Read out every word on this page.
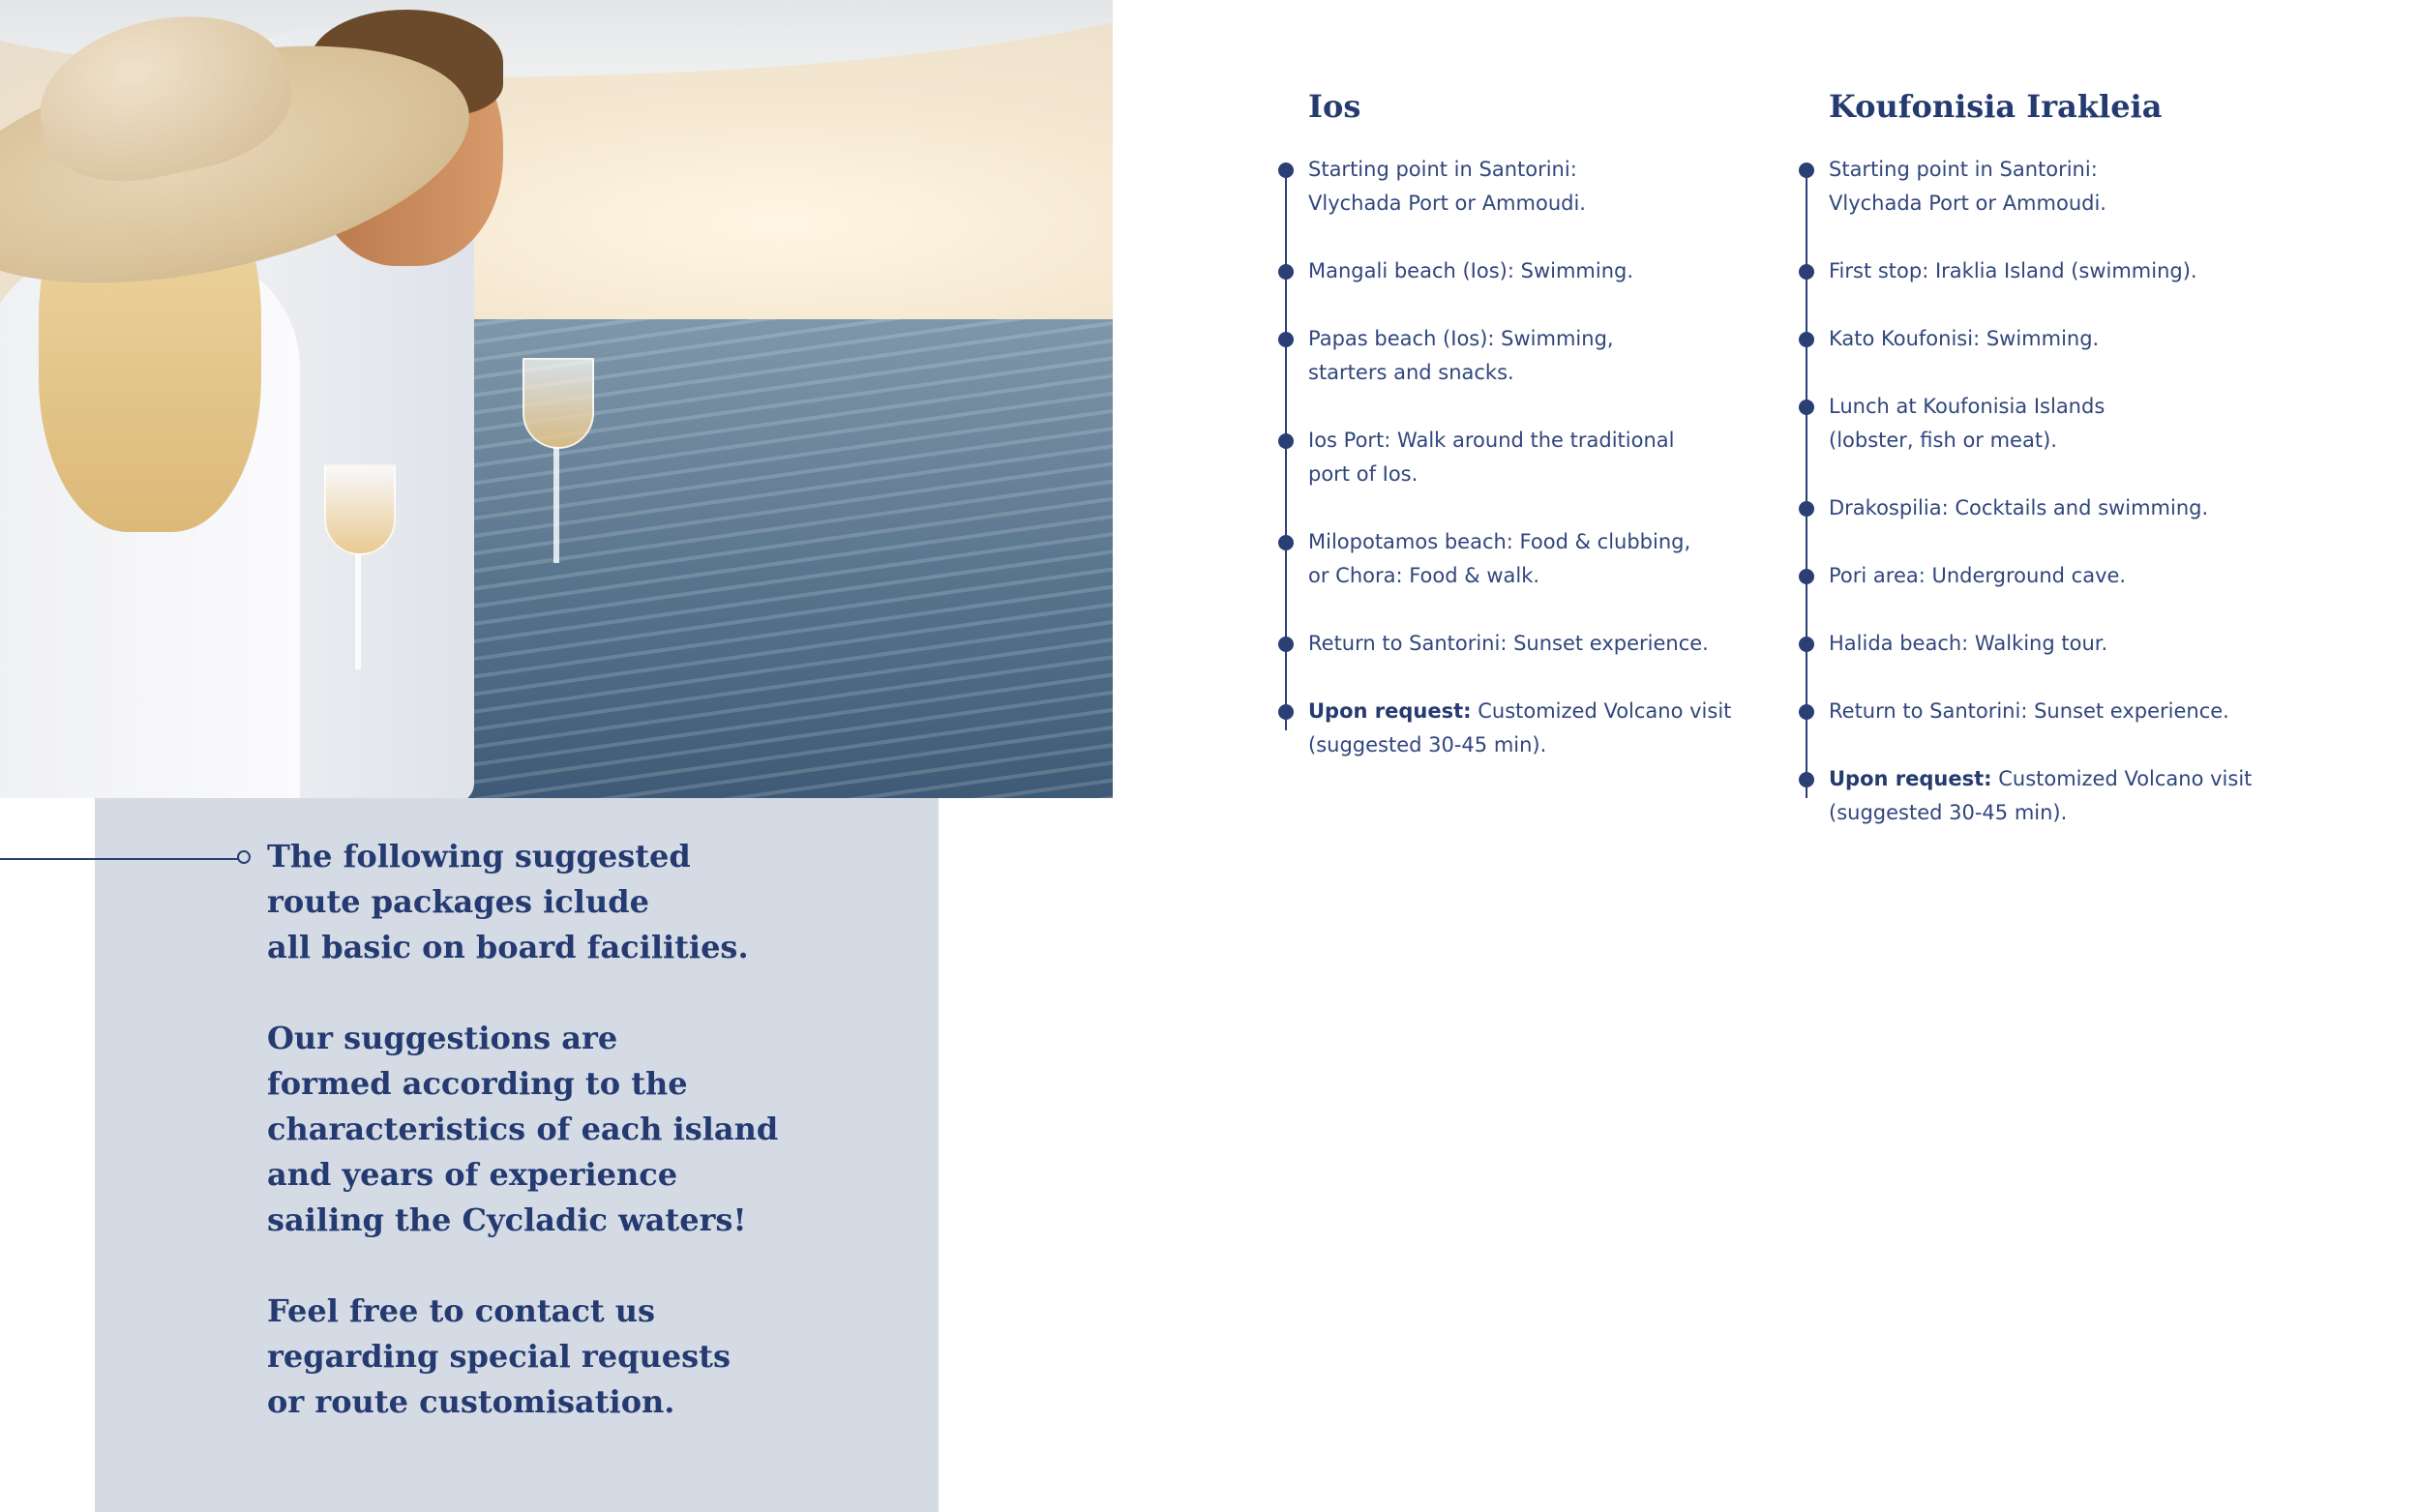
The following suggested
route packages iclude
all basic on board facilities.

Our suggestions are
formed according to the
characteristics of each island
and years of experience
sailing the Cycladic waters!

Feel free to contact us
regarding special requests
or route customisation.

Ios
Starting point in Santorini:
Vlychada Port or Ammoudi.
Mangali beach (Ios): Swimming.
Papas beach (Ios): Swimming,
starters and snacks.
Ios Port: Walk around the traditional
port of Ios.
Milopotamos beach: Food & clubbing,
or Chora: Food & walk.
Return to Santorini: Sunset experience.
Upon request: Customized Volcano visit
(suggested 30-45 min).
Koufonisia Irakleia
Starting point in Santorini:
Vlychada Port or Ammoudi.
First stop: Iraklia Island (swimming).
Kato Koufonisi: Swimming.
Lunch at Koufonisia Islands
(lobster, fish or meat).
Drakospilia: Cocktails and swimming.
Pori area: Underground cave.
Halida beach: Walking tour.
Return to Santorini: Sunset experience.
Upon request: Customized Volcano visit
(suggested 30-45 min).
